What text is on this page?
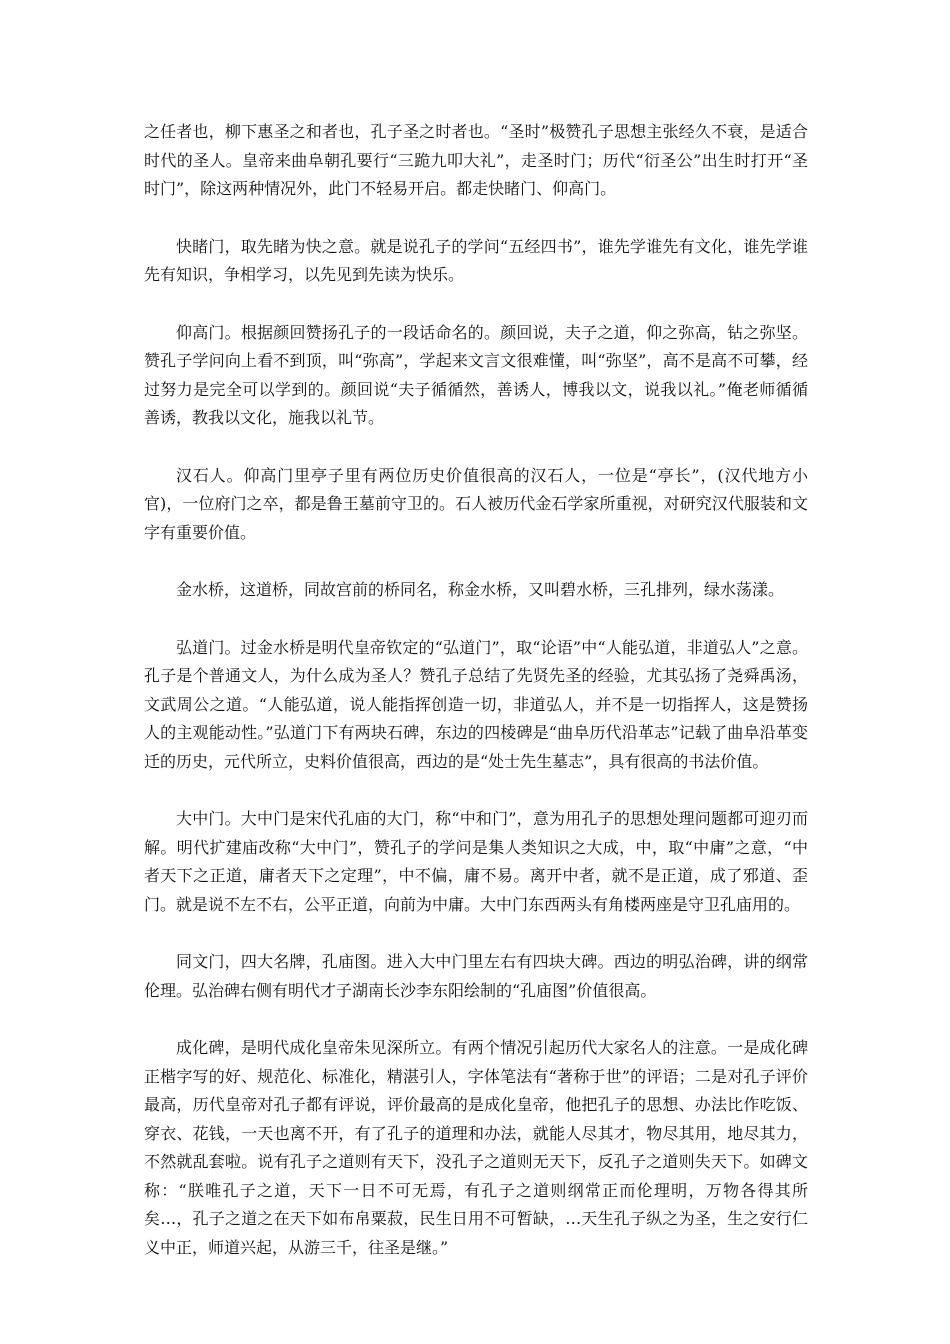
之任者也，柳下惠圣之和者也，孔子圣之时者也。“圣时”极赞孔子思想主张经久不衰，是适合时代的圣人。皇帝来曲阜朝孔要行“三跪九叩大礼”，走圣时门；历代“衍圣公”出生时打开“圣时门”，除这两种情况外，此门不轻易开启。都走快睹门、仰高门。

快睹门，取先睹为快之意。就是说孔子的学问“五经四书”，谁先学谁先有文化，谁先学谁先有知识，争相学习，以先见到先读为快乐。

仰高门。根据颜回赞扬孔子的一段话命名的。颜回说，夫子之道，仰之弥高，钻之弥坚。赞孔子学问向上看不到顶，叫“弥高”，学起来文言文很难懂，叫“弥坚”，高不是高不可攀，经过努力是完全可以学到的。颜回说“夫子循循然，善诱人，博我以文，说我以礼。”俺老师循循善诱，教我以文化，施我以礼节。

汉石人。仰高门里亭子里有两位历史价值很高的汉石人，一位是“亭长”，(汉代地方小官)，一位府门之卒，都是鲁王墓前守卫的。石人被历代金石学家所重视，对研究汉代服装和文字有重要价值。

金水桥，这道桥，同故宫前的桥同名，称金水桥，又叫碧水桥，三孔排列，绿水荡漾。

弘道门。过金水桥是明代皇帝钦定的“弘道门”，取“论语”中“人能弘道，非道弘人”之意。孔子是个普通文人，为什么成为圣人？赞孔子总结了先贤先圣的经验，尤其弘扬了尧舜禹汤，文武周公之道。“人能弘道，说人能指挥创造一切，非道弘人，并不是一切指挥人，这是赞扬人的主观能动性。”弘道门下有两块石碑，东边的四棱碑是“曲阜历代沿革志”记载了曲阜沿革变迁的历史，元代所立，史料价值很高，西边的是“处士先生墓志”，具有很高的书法价值。

大中门。大中门是宋代孔庙的大门，称“中和门”，意为用孔子的思想处理问题都可迎刃而解。明代扩建庙改称“大中门”，赞孔子的学问是集人类知识之大成，中，取“中庸”之意，“中者天下之正道，庸者天下之定理”，中不偏，庸不易。离开中者，就不是正道，成了邪道、歪门。就是说不左不右，公平正道，向前为中庸。大中门东西两头有角楼两座是守卫孔庙用的。

同文门，四大名牌，孔庙图。进入大中门里左右有四块大碑。西边的明弘治碑，讲的纲常伦理。弘治碑右侧有明代才子湖南长沙李东阳绘制的“孔庙图”价值很高。

成化碑，是明代成化皇帝朱见深所立。有两个情况引起历代大家名人的注意。一是成化碑正楷字写的好、规范化、标准化，精湛引人，字体笔法有“著称于世”的评语；二是对孔子评价最高，历代皇帝对孔子都有评说，评价最高的是成化皇帝，他把孔子的思想、办法比作吃饭、穿衣、花钱，一天也离不开，有了孔子的道理和办法，就能人尽其才，物尽其用，地尽其力，不然就乱套啦。说有孔子之道则有天下，没孔子之道则无天下，反孔子之道则失天下。如碑文称：“朕唯孔子之道，天下一日不可无焉，有孔子之道则纲常正而伦理明，万物各得其所矣…，孔子之道之在天下如布帛粟菽，民生日用不可暂缺，…天生孔子纵之为圣，生之安行仁义中正，师道兴起，从游三千，往圣是继。”
